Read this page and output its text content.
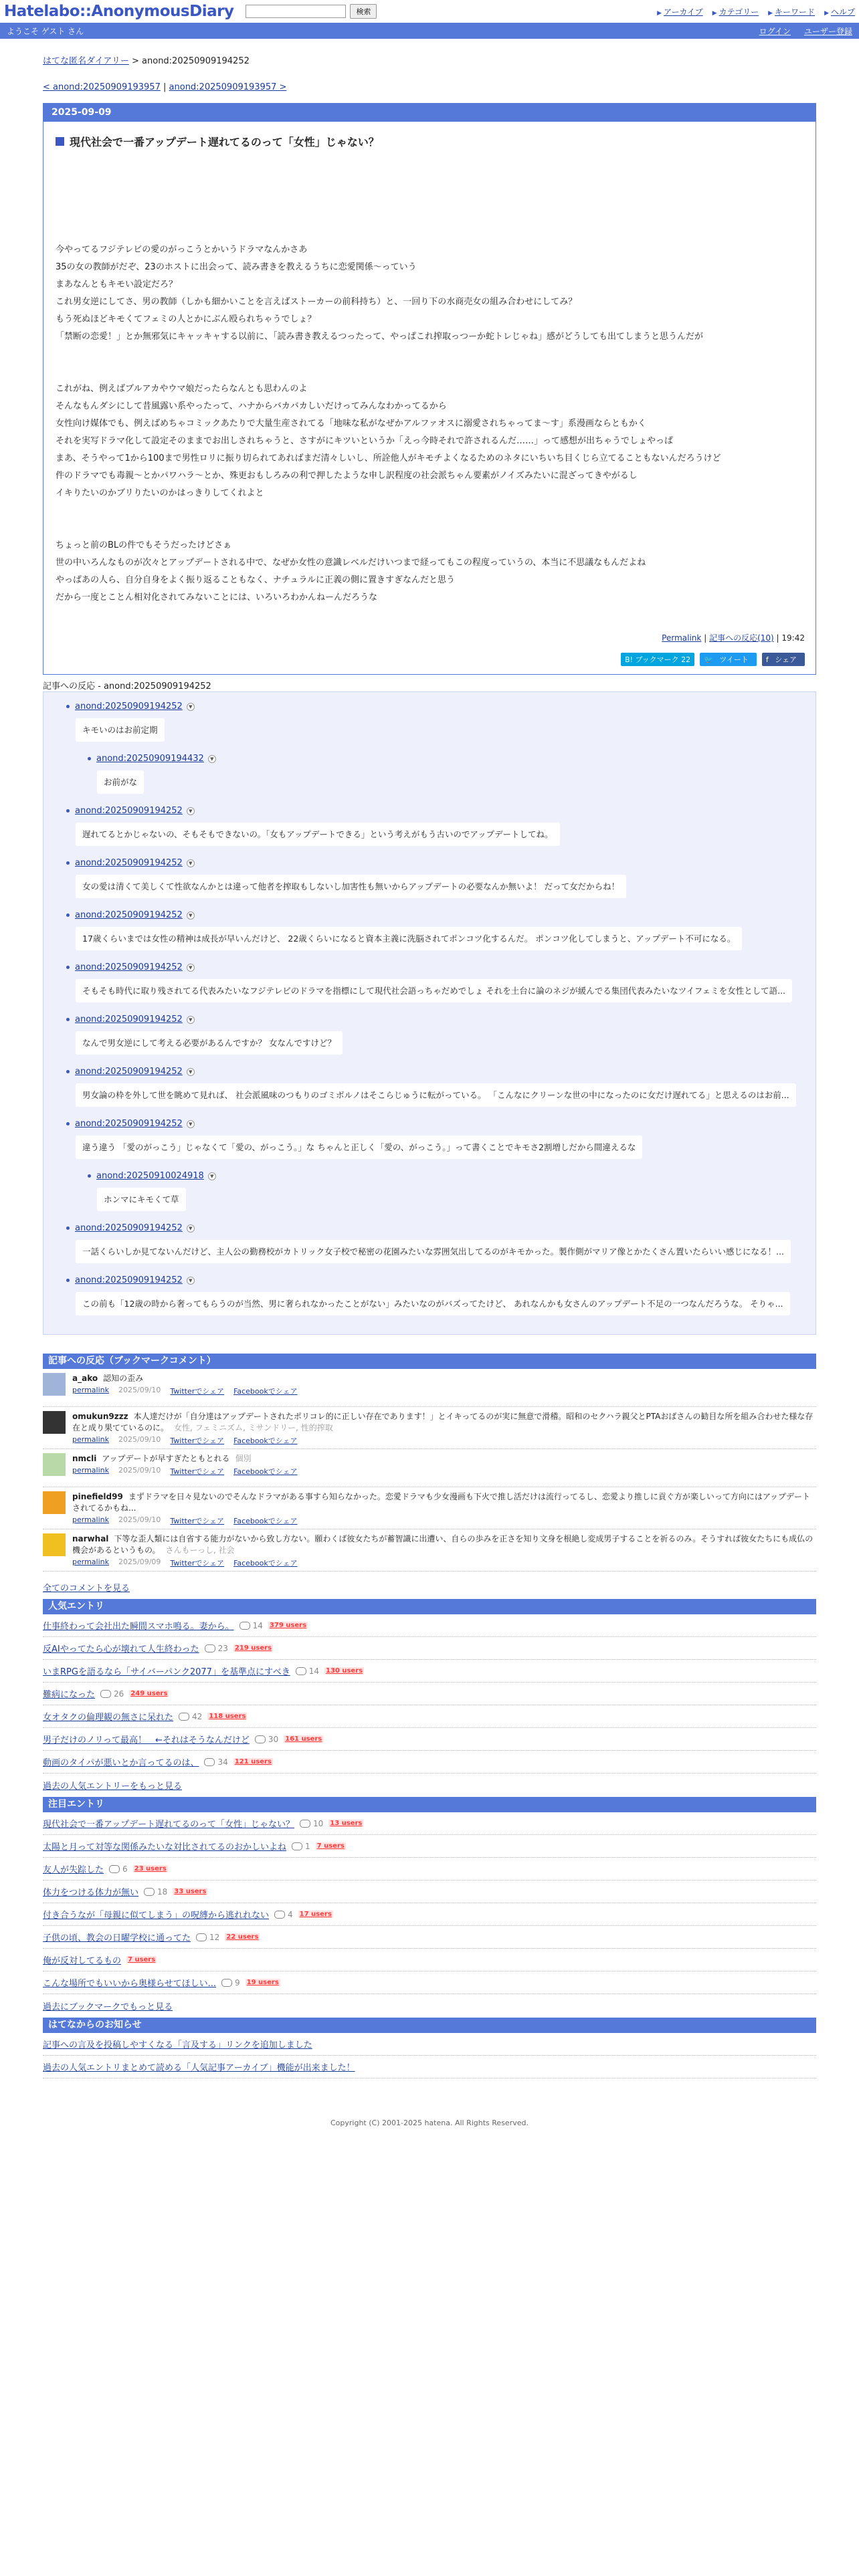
Hatelabo::AnonymousDiary	検索	▶ アーカイブ ▶ カテゴリー ▶ キーワード ▶ ヘルプ
ようこそ ゲスト さん	ログイン ユーザー登録
はてな匿名ダイアリー > anond:20250909194252
< anond:20250909193957 | anond:20250909193957 >
2025-09-09
現代社会で一番アップデート遅れてるのって「女性」じゃない？

今やってるフジテレビの愛のがっこうとかいうドラマなんかさあ

35の女の教師がだぞ、23のホストに出会って、読み書きを教えるうちに恋愛関係～っていう

まあなんともキモい設定だろ？

これ男女逆にしてさ、男の教師（しかも細かいことを言えばストーカーの前科持ち）と、一回り下の水商売女の組み合わせにしてみ？

もう死ぬほどキモくてフェミの人とかにぶん殴られちゃうでしょ？

「禁断の恋愛！」とか無邪気にキャッキャする以前に、「読み書き教えるつったって、やっぱこれ搾取っつーか蛇トレじゃね」感がどうしても出てしまうと思うんだが

これがね、例えばブルアカやウマ娘だったらなんとも思わんのよ

そんなもんダシにして昔風露い系やったって、ハナからバカバカしいだけってみんなわかってるから

女性向け媒体でも、例えばめちゃコミックあたりで大量生産されてる「地味な私がなぜかアルファオスに溺愛されちゃってま～す」系漫画ならともかく

それを実写ドラマ化して設定そのままでお出しされちゃうと、さすがにキツいというか「えっ今時それで許されるんだ……」って感想が出ちゃうでしょやっぱ

まあ、そうやって1から100まで男性ロリに振り切られてあればまだ清々しいし、所詮他人がキモチよくなるためのネタにいちいち目くじら立てることもないんだろうけど

件のドラマでも毒親～とかパワハラ～とか、殊更おもしろみの利で押したような申し訳程度の社会派ちゃん要素がノイズみたいに混ざってきやがるし

イキりたいのかブリりたいのかはっきりしてくれよと

ちょっと前のBLの件でもそうだったけどさぁ

世の中いろんなものが次々とアップデートされる中で、なぜか女性の意識レベルだけいつまで経ってもこの程度っていうの、本当に不思議なもんだよね

やっぱあの人ら、自分自身をよく振り返ることもなく、ナチュラルに正義の側に置きすぎなんだと思う

だから一度とことん相対化されてみないことには、いろいろわかんねーんだろうな

Permalink | 記事への反応(10) | 19:42
B! ブックマーク 22	🐦 ツイート	f シェア
記事への反応 - anond:20250909194252
anond:20250909194252	▼
キモいのはお前定期
anond:20250909194432	▼
お前がな
anond:20250909194252	▼
遅れてるとかじゃないの、そもそもできないの。「女もアップデートできる」という考えがもう古いのでアップデートしてね。
anond:20250909194252	▼
女の愛は清くて美しくて性欲なんかとは違って他者を搾取もしないし加害性も無いからアップデートの必要なんか無いよ！ だって女だからね！
anond:20250909194252	▼
17歳くらいまでは女性の精神は成長が早いんだけど、 22歳くらいになると資本主義に洗脳されてポンコツ化するんだ。 ポンコツ化してしまうと、アップデート不可になる。
anond:20250909194252	▼
そもそも時代に取り残されてる代表みたいなフジテレビのドラマを指標にして現代社会語っちゃだめでしょ それを土台に論のネジが緩んでる集団代表みたいなツイフェミを女性として語...
anond:20250909194252	▼
なんで男女逆にして考える必要があるんですか？ 女なんですけど？
anond:20250909194252	▼
男女論の枠を外して世を眺めて見れば、 社会派風味のつもりのゴミボルノはそこらじゅうに転がっている。 「こんなにクリーンな世の中になったのに女だけ遅れてる」と思えるのはお前...
anond:20250909194252	▼
違う違う 「愛のがっこう」じゃなくて「愛の、がっこう。」な ちゃんと正しく「愛の、がっこう。」って書くことでキモさ2割増しだから間違えるな
anond:20250910024918	▼
ホンマにキモくて草
anond:20250909194252	▼
一話くらいしか見てないんだけど、主人公の勤務校がカトリック女子校で秘密の花園みたいな雰囲気出してるのがキモかった。製作側がマリア像とかたくさん置いたらいい感じになる！...
anond:20250909194252	▼
この前も「12歳の時から奢ってもらうのが当然、男に奢られなかったことがない」みたいなのがバズってたけど、 あれなんかも女さんのアップデート不足の一つなんだろうな。 そりゃ...
記事への反応（ブックマークコメント）
a_ako 認知の歪み
permalink 2025/09/10 Twitterでシェア Facebookでシェア
omukun9zzz 本人達だけが「自分達はアップデートされたポリコレ的に正しい存在であります！」とイキってるのが実に無意で滑稽。昭和のセクハラ親父とPTAおばさんの勧目な所を組み合わせた様な存在と成り果てているのに。 女性, フェミニズム, ミサンドリー, 性的搾取
permalink 2025/09/10 Twitterでシェア Facebookでシェア
nmcli アップデートが早すぎたともとれる 個別
permalink 2025/09/10 Twitterでシェア Facebookでシェア
pinefield99 まずドラマを日々見ないのでそんなドラマがある事すら知らなかった。恋愛ドラマも少女漫画も下火で推し活だけは流行ってるし、恋愛より推しに貢ぐ方が楽しいって方向にはアップデートされてるかもね...
permalink 2025/09/10 Twitterでシェア Facebookでシェア
narwhal 下等な歪人類には自省する能力がないから致し方ない。願わくば彼女たちが蓄智識に出遭い、自らの歩みを正さを知り文身を根絶し変成男子することを祈るのみ。そうすれば彼女たちにも成仏の機会があるというもの。 さんもーっし, 社会
permalink 2025/09/09 Twitterでシェア Facebookでシェア
全てのコメントを見る
人気エントリ
仕事終わって会社出た瞬間スマホ鳴る。妻から。 14 379 users
反AIやってたら心が壊れて人生終わった 23 219 users
いまRPGを語るなら「サイバーパンク2077」を基準点にすべき 14 130 users
難病になった 26 249 users
女オタクの倫理観の無さに呆れた 42 118 users
男子だけのノリって最高！　←それはそうなんだけど 30 161 users
動画のタイパが悪いとか言ってるのは、 34 121 users
過去の人気エントリーをもっと見る
注目エントリ
現代社会で一番アップデート遅れてるのって「女性」じゃない？ 10 13 users
太陽と月って対等な関係みたいな対比されてるのおかしいよね 1 7 users
友人が失踪した 6 23 users
体力をつける体力が無い 18 33 users
付き合うなが「母親に似てしまう」の呪縛から逃れれない 4 17 users
子供の頃、教会の日曜学校に通ってた 12 22 users
俺が反対してるもの 7 users
こんな場所でもいいから奥様らせてほしい... 9 19 users
過去にブックマークでもっと見る
はてなからのお知らせ
記事への言及を投稿しやすくなる「言及する」リンクを追加しました
過去の人気エントリまとめて読める「人気記事アーカイブ」機能が出来ました！
Copyright (C) 2001-2025 hatena. All Rights Reserved.
